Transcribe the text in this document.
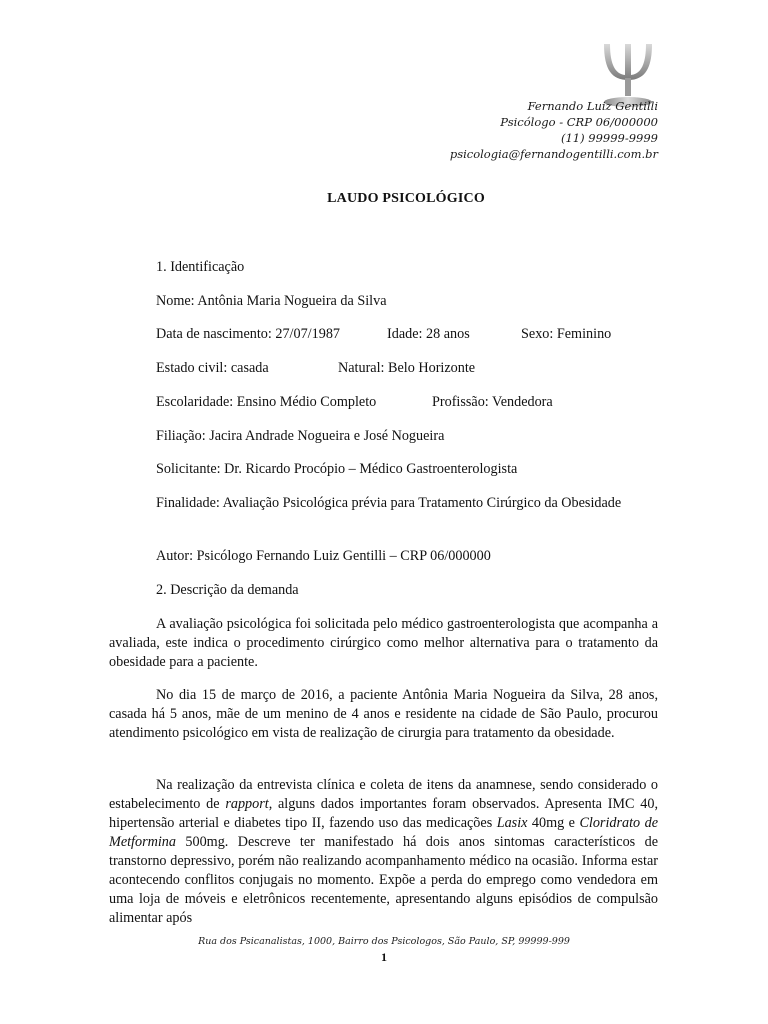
Fernando Luiz Gentilli
Psicólogo - CRP 06/000000
(11) 99999-9999
psicologia@fernandogentilli.com.br
LAUDO PSICOLÓGICO
1. Identificação
Nome: Antônia Maria Nogueira da Silva
Data de nascimento: 27/07/1987	Idade: 28 anos	Sexo: Feminino
Estado civil: casada	Natural: Belo Horizonte
Escolaridade: Ensino Médio Completo	Profissão: Vendedora
Filiação: Jacira Andrade Nogueira e José Nogueira
Solicitante: Dr. Ricardo Procópio – Médico Gastroenterologista

Finalidade: Avaliação Psicológica prévia para Tratamento Cirúrgico da Obesidade

Autor: Psicólogo Fernando Luiz Gentilli – CRP 06/000000
2. Descrição da demanda

A avaliação psicológica foi solicitada pelo médico gastroenterologista que acompanha a avaliada, este indica o procedimento cirúrgico como melhor alternativa para o tratamento da obesidade para a paciente.

No dia 15 de março de 2016, a paciente Antônia Maria Nogueira da Silva, 28 anos, casada há 5 anos, mãe de um menino de 4 anos e residente na cidade de São Paulo, procurou atendimento psicológico em vista de realização de cirurgia para tratamento da obesidade.

Na realização da entrevista clínica e coleta de itens da anamnese, sendo considerado o estabelecimento de rapport, alguns dados importantes foram observados. Apresenta IMC 40, hipertensão arterial e diabetes tipo II, fazendo uso das medicações Lasix 40mg e Cloridrato de Metformina 500mg. Descreve ter manifestado há dois anos sintomas característicos de transtorno depressivo, porém não realizando acompanhamento médico na ocasião. Informa estar acontecendo conflitos conjugais no momento. Expõe a perda do emprego como vendedora em uma loja de móveis e eletrônicos recentemente, apresentando alguns episódios de compulsão alimentar após

Rua dos Psicanalistas, 1000, Bairro dos Psicologos, São Paulo, SP, 99999-999
1
